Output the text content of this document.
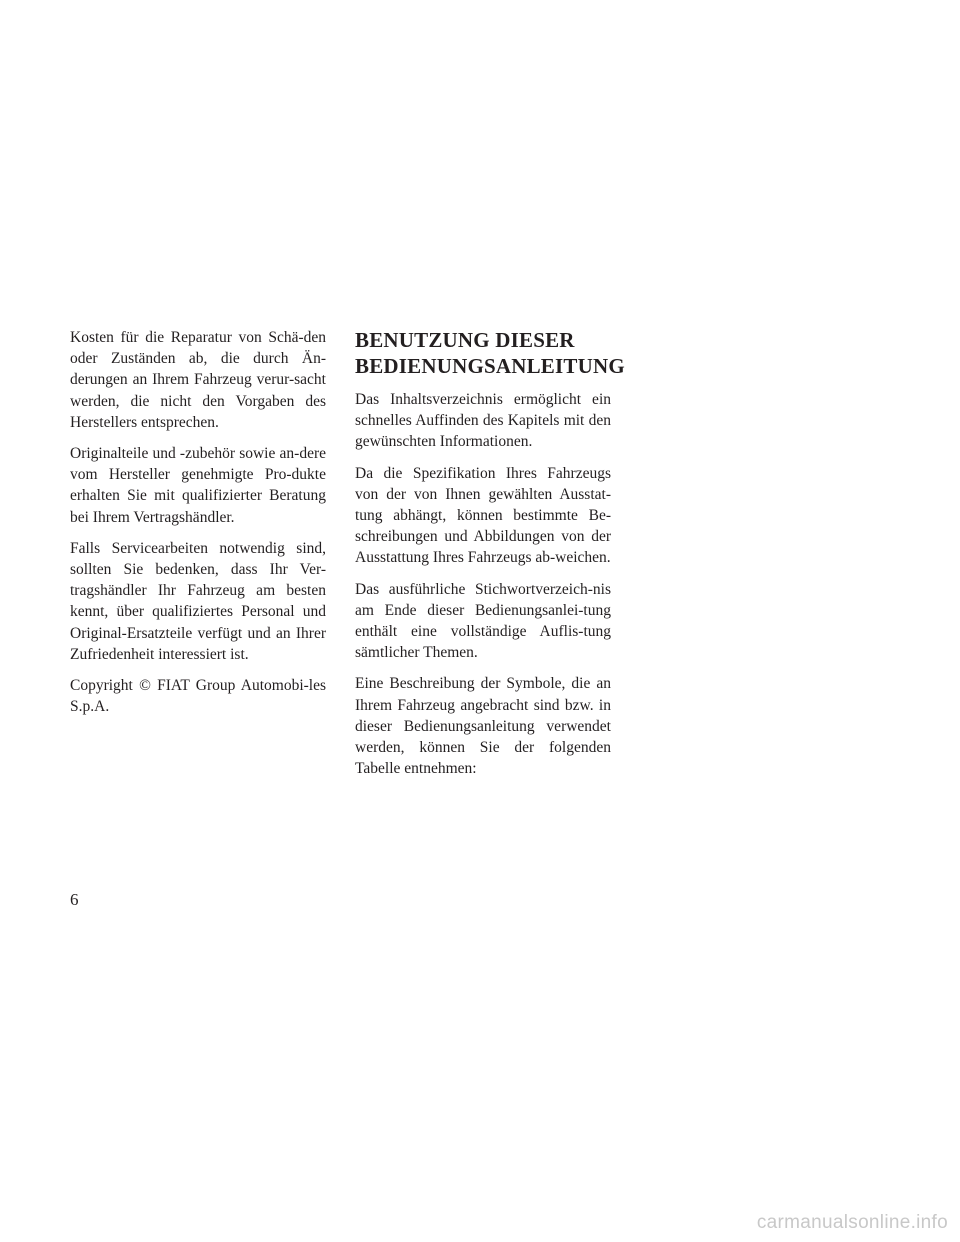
Kosten für die Reparatur von Schä-den oder Zuständen ab, die durch Än-derungen an Ihrem Fahrzeug verur-sacht werden, die nicht den Vorgaben des Herstellers entsprechen.

Originalteile und -zubehör sowie an-dere vom Hersteller genehmigte Pro-dukte erhalten Sie mit qualifizierter Beratung bei Ihrem Vertragshändler.

Falls Servicearbeiten notwendig sind, sollten Sie bedenken, dass Ihr Ver-tragshändler Ihr Fahrzeug am besten kennt, über qualifiziertes Personal und Original-Ersatzteile verfügt und an Ihrer Zufriedenheit interessiert ist.

Copyright © FIAT Group Automobi-les S.p.A.

BENUTZUNG DIESER BEDIENUNGSANLEITUNG

Das Inhaltsverzeichnis ermöglicht ein schnelles Auffinden des Kapitels mit den gewünschten Informationen.

Da die Spezifikation Ihres Fahrzeugs von der von Ihnen gewählten Ausstat-tung abhängt, können bestimmte Be-schreibungen und Abbildungen von der Ausstattung Ihres Fahrzeugs ab-weichen.

Das ausführliche Stichwortverzeich-nis am Ende dieser Bedienungsanlei-tung enthält eine vollständige Auflis-tung sämtlicher Themen.

Eine Beschreibung der Symbole, die an Ihrem Fahrzeug angebracht sind bzw. in dieser Bedienungsanleitung verwendet werden, können Sie der folgenden Tabelle entnehmen:

6
carmanualsonline.info
